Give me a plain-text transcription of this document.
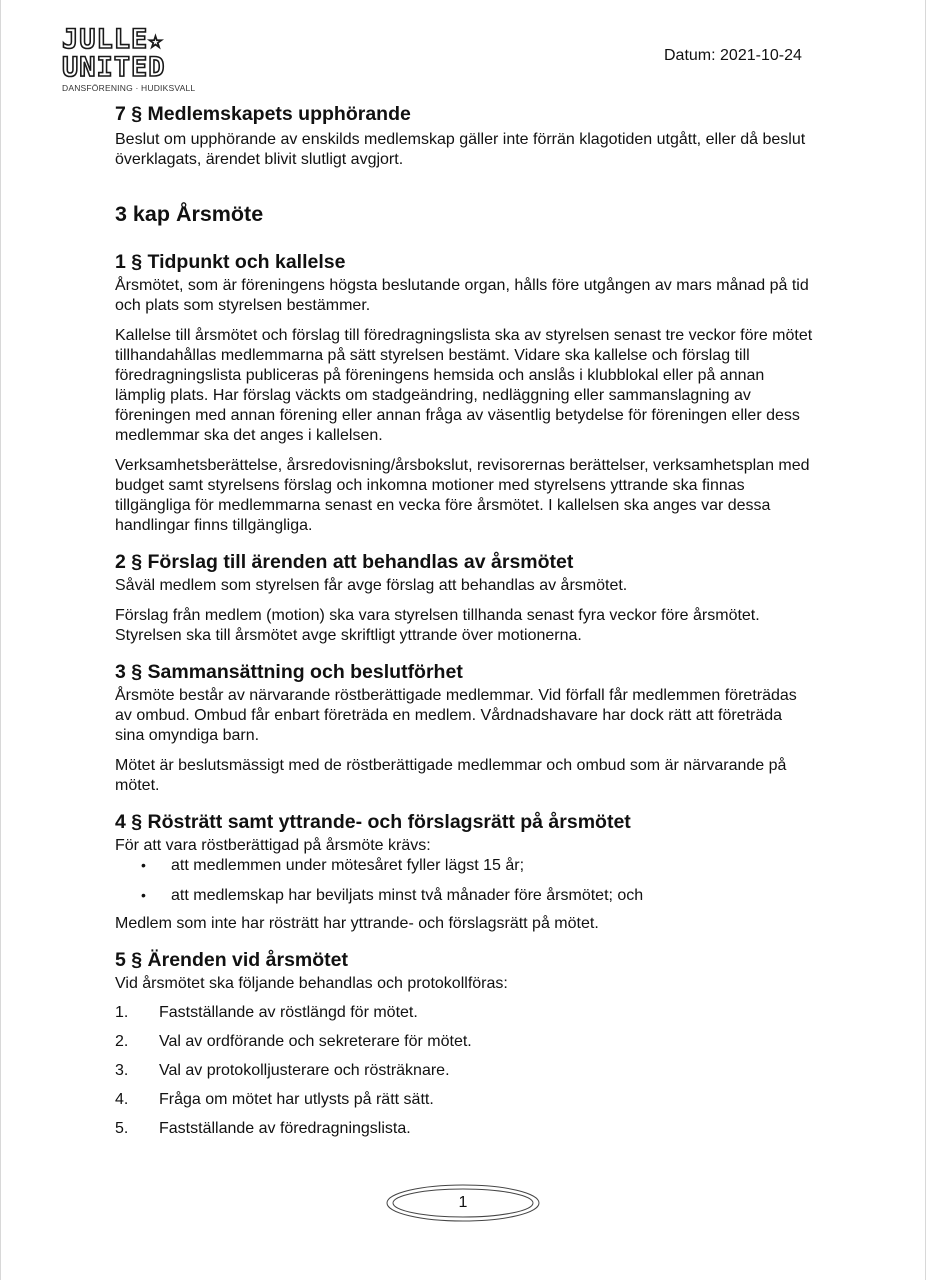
JULLE☆
UNITED
DANSFÖRENING · HUDIKSVALL
Datum: 2021-10-24
7 § Medlemskapets upphörande

Beslut om upphörande av enskilds medlemskap gäller inte förrän klagotiden utgått, eller då beslut överklagats, ärendet blivit slutligt avgjort.

3 kap Årsmöte
1 § Tidpunkt och kallelse

Årsmötet, som är föreningens högsta beslutande organ, hålls före utgången av mars månad på tid och plats som styrelsen bestämmer.

Kallelse till årsmötet och förslag till föredragningslista ska av styrelsen senast tre veckor före mötet tillhandahållas medlemmarna på sätt styrelsen bestämt. Vidare ska kallelse och förslag till föredragningslista publiceras på föreningens hemsida och anslås i klubblokal eller på annan lämplig plats. Har förslag väckts om stadgeändring, nedläggning eller sammanslagning av föreningen med annan förening eller annan fråga av väsentlig betydelse för föreningen eller dess medlemmar ska det anges i kallelsen.

Verksamhetsberättelse, årsredovisning/årsbokslut, revisorernas berättelser, verksamhetsplan med budget samt styrelsens förslag och inkomna motioner med styrelsens yttrande ska finnas tillgängliga för medlemmarna senast en vecka före årsmötet. I kallelsen ska anges var dessa handlingar finns tillgängliga.

2 § Förslag till ärenden att behandlas av årsmötet

Såväl medlem som styrelsen får avge förslag att behandlas av årsmötet.

Förslag från medlem (motion) ska vara styrelsen tillhanda senast fyra veckor före årsmötet. Styrelsen ska till årsmötet avge skriftligt yttrande över motionerna.

3 § Sammansättning och beslutförhet

Årsmöte består av närvarande röstberättigade medlemmar. Vid förfall får medlemmen företrädas av ombud. Ombud får enbart företräda en medlem. Vårdnadshavare har dock rätt att företräda sina omyndiga barn.

Mötet är beslutsmässigt med de röstberättigade medlemmar och ombud som är närvarande på mötet.

4 § Rösträtt samt yttrande- och förslagsrätt på årsmötet

För att vara röstberättigad på årsmöte krävs:

• att medlemmen under mötesåret fyller lägst 15 år;
• att medlemskap har beviljats minst två månader före årsmötet; och

Medlem som inte har rösträtt har yttrande- och förslagsrätt på mötet.

5 § Ärenden vid årsmötet

Vid årsmötet ska följande behandlas och protokollföras:

1. Fastställande av röstlängd för mötet.
2. Val av ordförande och sekreterare för mötet.
3. Val av protokolljusterare och rösträknare.
4. Fråga om mötet har utlysts på rätt sätt.
5. Fastställande av föredragningslista.
1
